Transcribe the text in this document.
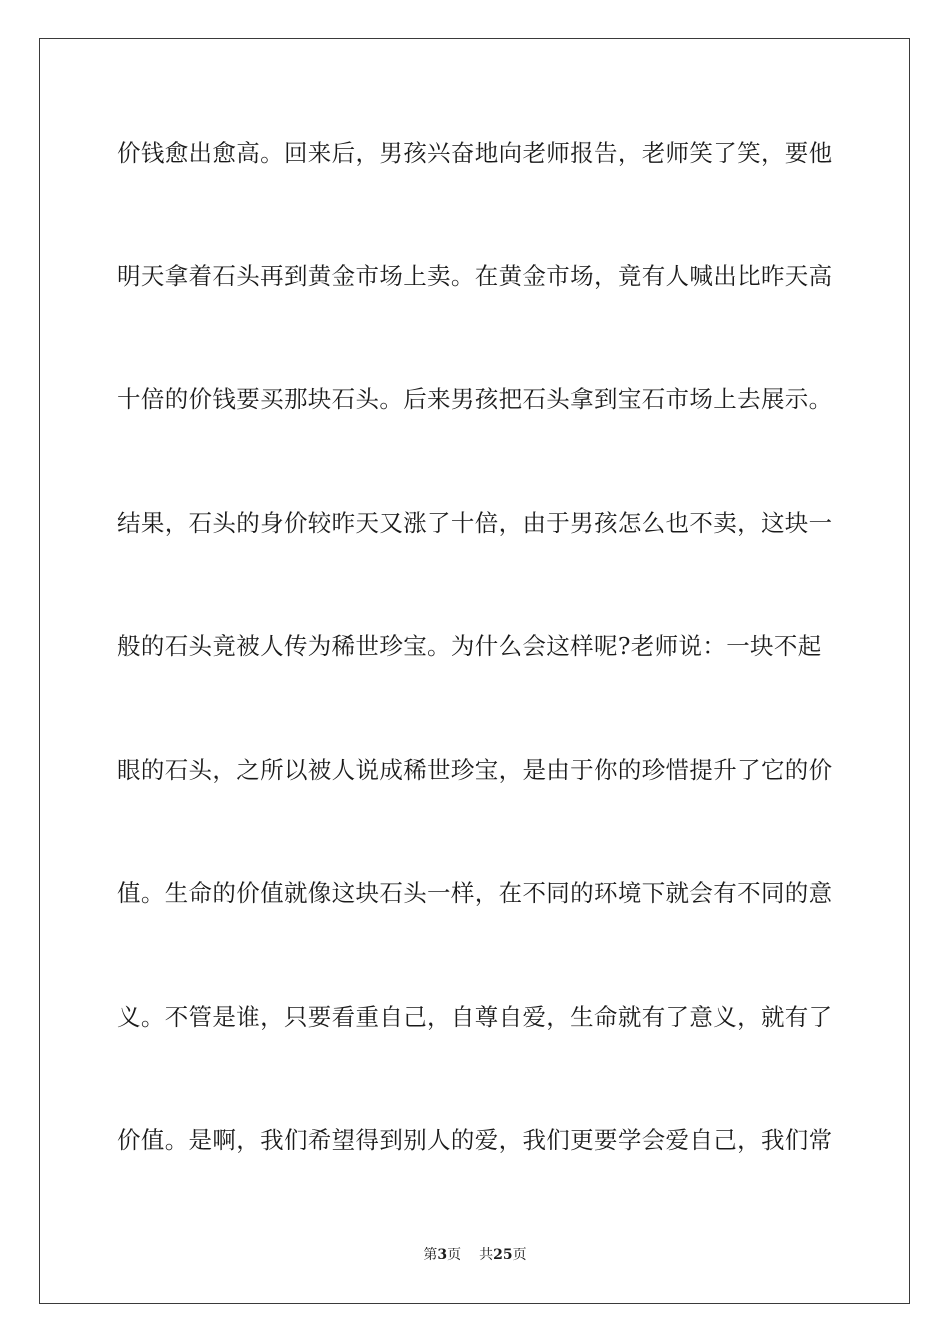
价钱愈出愈高。回来后，男孩兴奋地向老师报告，老师笑了笑，要他
明天拿着石头再到黄金市场上卖。在黄金市场，竟有人喊出比昨天高
十倍的价钱要买那块石头。后来男孩把石头拿到宝石市场上去展示。
结果，石头的身价较昨天又涨了十倍，由于男孩怎么也不卖，这块一
般的石头竟被人传为稀世珍宝。为什么会这样呢?老师说：一块不起
眼的石头，之所以被人说成稀世珍宝，是由于你的珍惜提升了它的价
值。生命的价值就像这块石头一样，在不同的环境下就会有不同的意
义。不管是谁，只要看重自己，自尊自爱，生命就有了意义，就有了
价值。是啊，我们希望得到别人的爱，我们更要学会爱自己，我们常
第3页 共25页
